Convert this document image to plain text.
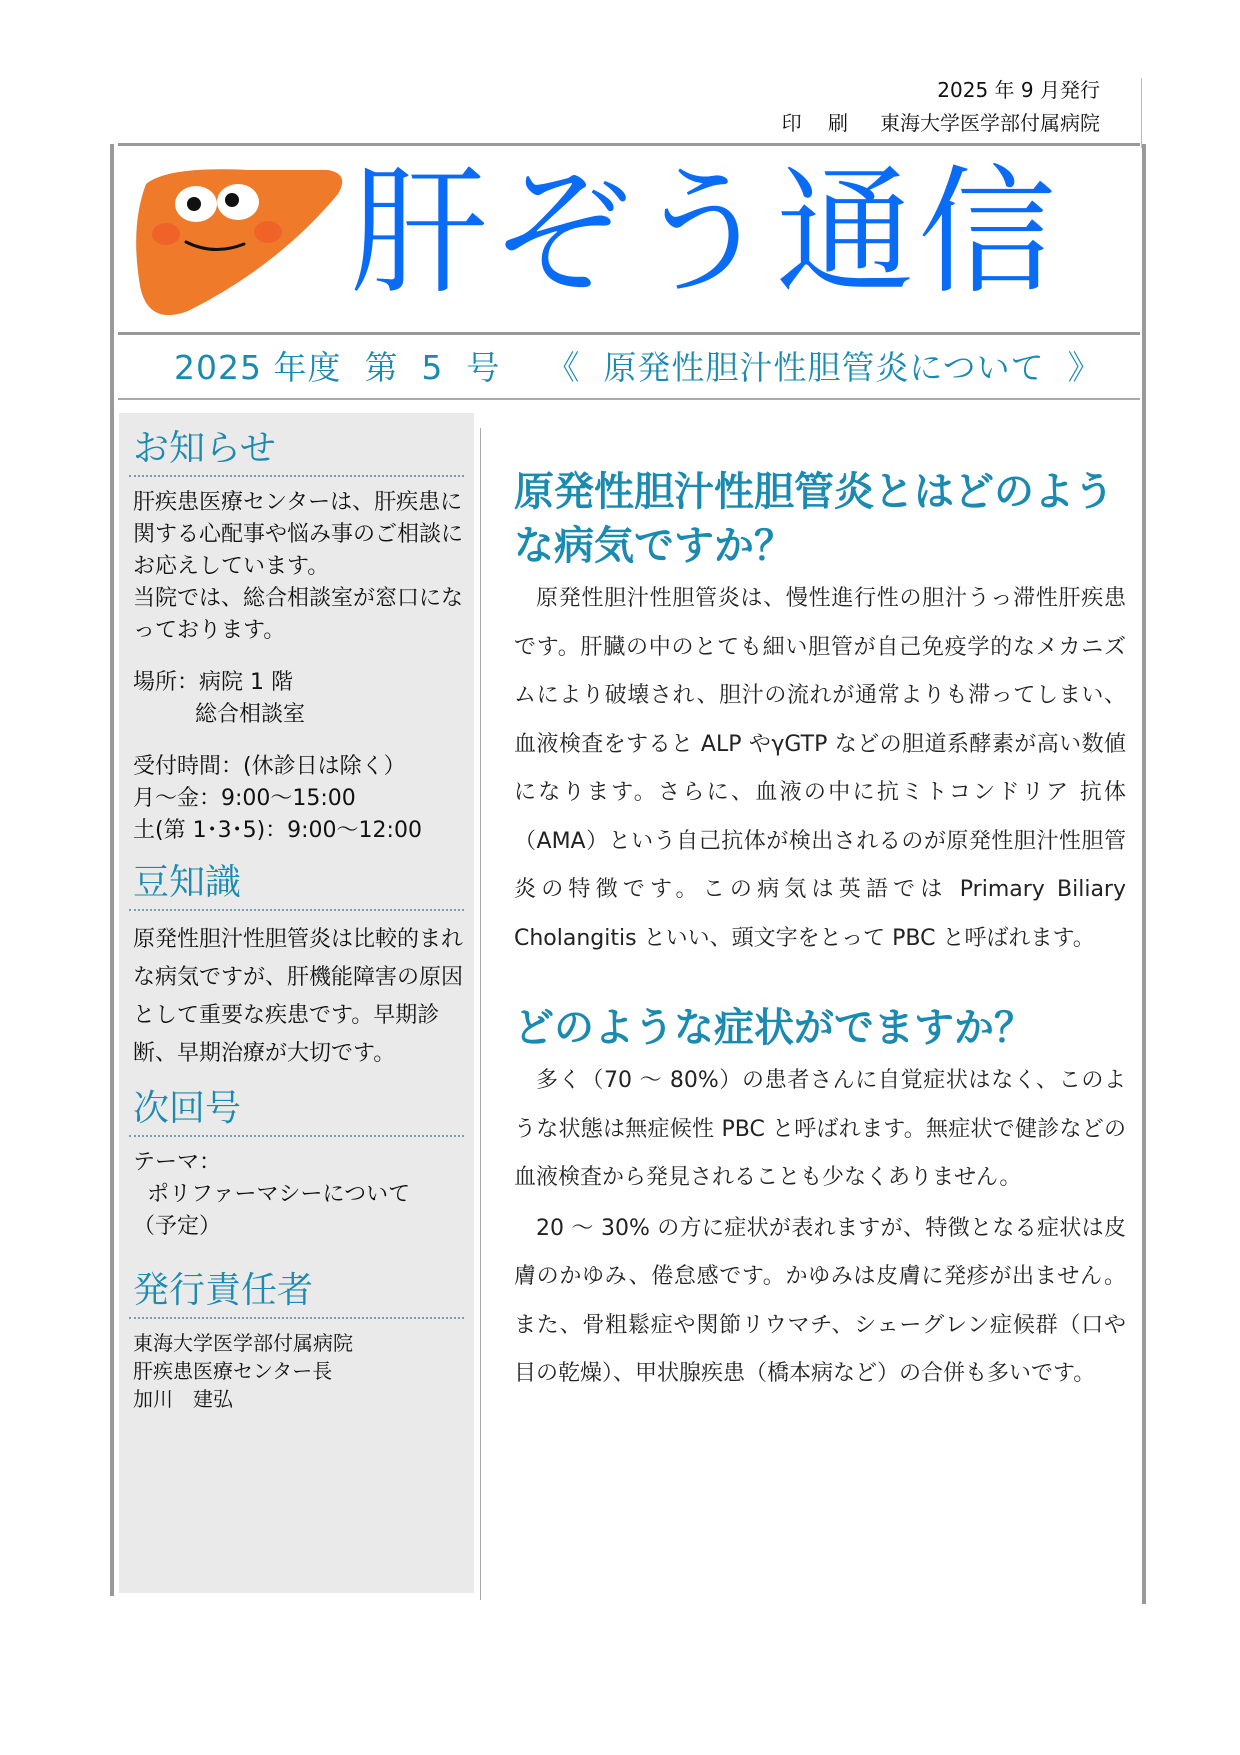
2025 年 9 月発行
印 刷 東海大学医学部付属病院
肝ぞう通信
2025 年度  第  5  号    《  原発性胆汁性胆管炎について  》
お知らせ
肝疾患医療センターは、肝疾患に関する心配事や悩み事のご相談にお応えしています。
当院では、総合相談室が窓口になっております。
場所：病院 1 階
総合相談室
受付時間：(休診日は除く）
月～金：9:00～15:00
土(第 1･3･5)：9:00～12:00
豆知識
原発性胆汁性胆管炎は比較的まれな病気ですが、肝機能障害の原因として重要な疾患です。早期診断、早期治療が大切です。
次回号
テーマ：
ポリファーマシーについて
（予定）
発行責任者
東海大学医学部付属病院
肝疾患医療センター長
加川　建弘
原発性胆汁性胆管炎とはどのような病気ですか？

原発性胆汁性胆管炎は、慢性進行性の胆汁うっ滞性肝疾患です。肝臓の中のとても細い胆管が自己免疫学的なメカニズムにより破壊され、胆汁の流れが通常よりも滞ってしまい、血液検査をすると ALP やγGTP などの胆道系酵素が高い数値になります。さらに、血液の中に抗ミトコンドリア 抗体（AMA）という自己抗体が検出されるのが原発性胆汁性胆管炎の特徴です。この病気は英語では Primary Biliary Cholangitis といい、頭文字をとって PBC と呼ばれます。

どのような症状がでますか？

多く（70 ～ 80%）の患者さんに自覚症状はなく、このような状態は無症候性 PBC と呼ばれます。無症状で健診などの血液検査から発見されることも少なくありません。

20 ～ 30% の方に症状が表れますが、特徴となる症状は皮膚のかゆみ、倦怠感です。かゆみは皮膚に発疹が出ません。また、骨粗鬆症や関節リウマチ、シェーグレン症候群（口や目の乾燥）、甲状腺疾患（橋本病など）の合併も多いです。
